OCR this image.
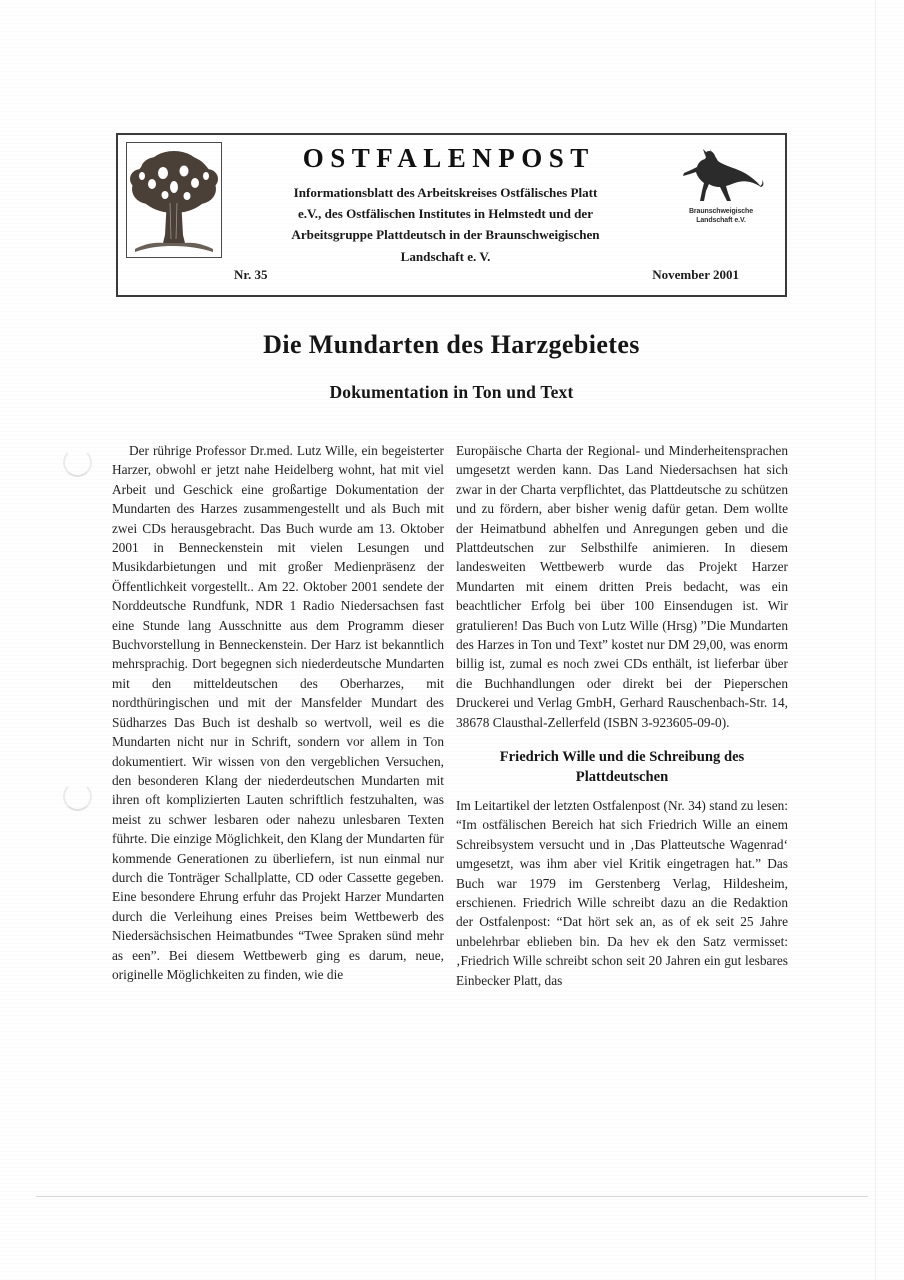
OSTFALENPOST
Informationsblatt des Arbeitskreises Ostfälisches Platt
e.V., des Ostfälischen Institutes in Helmstedt und der
Arbeitsgruppe Plattdeutsch in der Braunschweigischen
Landschaft e. V.
Braunschweigische
Landschaft e.V.
Nr. 35	November 2001
Die Mundarten des Harzgebietes
Dokumentation in Ton und Text

Der rührige Professor Dr.med. Lutz Wille, ein begeisterter Harzer, obwohl er jetzt nahe Heidelberg wohnt, hat mit viel Arbeit und Geschick eine großartige Dokumentation der Mundarten des Harzes zusammengestellt und als Buch mit zwei CDs herausgebracht. Das Buch wurde am 13. Oktober 2001 in Benneckenstein mit vielen Lesungen und Musikdarbietungen und mit großer Medienpräsenz der Öffentlichkeit vorgestellt.. Am 22. Oktober 2001 sendete der Norddeutsche Rundfunk, NDR 1 Radio Niedersachsen fast eine Stunde lang Ausschnitte aus dem Programm dieser Buchvorstellung in Benneckenstein. Der Harz ist bekanntlich mehrsprachig. Dort begegnen sich niederdeutsche Mundarten mit den mitteldeutschen des Oberharzes, mit nordthüringischen und mit der Mansfelder Mundart des Südharzes Das Buch ist deshalb so wertvoll, weil es die Mundarten nicht nur in Schrift, sondern vor allem in Ton dokumentiert. Wir wissen von den vergeblichen Versuchen, den besonderen Klang der niederdeutschen Mundarten mit ihren oft komplizierten Lauten schriftlich festzuhalten, was meist zu schwer lesbaren oder nahezu unlesbaren Texten führte. Die einzige Möglichkeit, den Klang der Mundarten für kommende Generationen zu überliefern, ist nun einmal nur durch die Tonträger Schallplatte, CD oder Cassette gegeben. Eine besondere Ehrung erfuhr das Projekt Harzer Mundarten durch die Verleihung eines Preises beim Wettbewerb des Niedersächsischen Heimatbundes “Twee Spraken sünd mehr as een”. Bei diesem Wettbewerb ging es darum, neue, originelle Möglichkeiten zu finden, wie die

Europäische Charta der Regional- und Minderheitensprachen umgesetzt werden kann. Das Land Niedersachsen hat sich zwar in der Charta verpflichtet, das Plattdeutsche zu schützen und zu fördern, aber bisher wenig dafür getan. Dem wollte der Heimatbund abhelfen und Anregungen geben und die Plattdeutschen zur Selbsthilfe animieren. In diesem landesweiten Wettbewerb wurde das Projekt Harzer Mundarten mit einem dritten Preis bedacht, was ein beachtlicher Erfolg bei über 100 Einsendugen ist. Wir gratulieren! Das Buch von Lutz Wille (Hrsg) ”Die Mundarten des Harzes in Ton und Text” kostet nur DM 29,00, was enorm billig ist, zumal es noch zwei CDs enthält, ist lieferbar über die Buchhandlungen oder direkt bei der Pieperschen Druckerei und Verlag GmbH, Gerhard Rauschenbach-Str. 14, 38678 Clausthal-Zellerfeld (ISBN 3-923605-09-0).

Friedrich Wille und die Schreibung des Plattdeutschen

Im Leitartikel der letzten Ostfalenpost (Nr. 34) stand zu lesen: “Im ostfälischen Bereich hat sich Friedrich Wille an einem Schreibsystem versucht und in ‚Das Platteutsche Wagenrad‘ umgesetzt, was ihm aber viel Kritik eingetragen hat.” Das Buch war 1979 im Gerstenberg Verlag, Hildesheim, erschienen. Friedrich Wille schreibt dazu an die Redaktion der Ostfalenpost: “Dat hört sek an, as of ek seit 25 Jahre unbelehrbar eblieben bin. Da hev ek den Satz vermisset: ‚Friedrich Wille schreibt schon seit 20 Jahren ein gut lesbares Einbecker Platt, das
